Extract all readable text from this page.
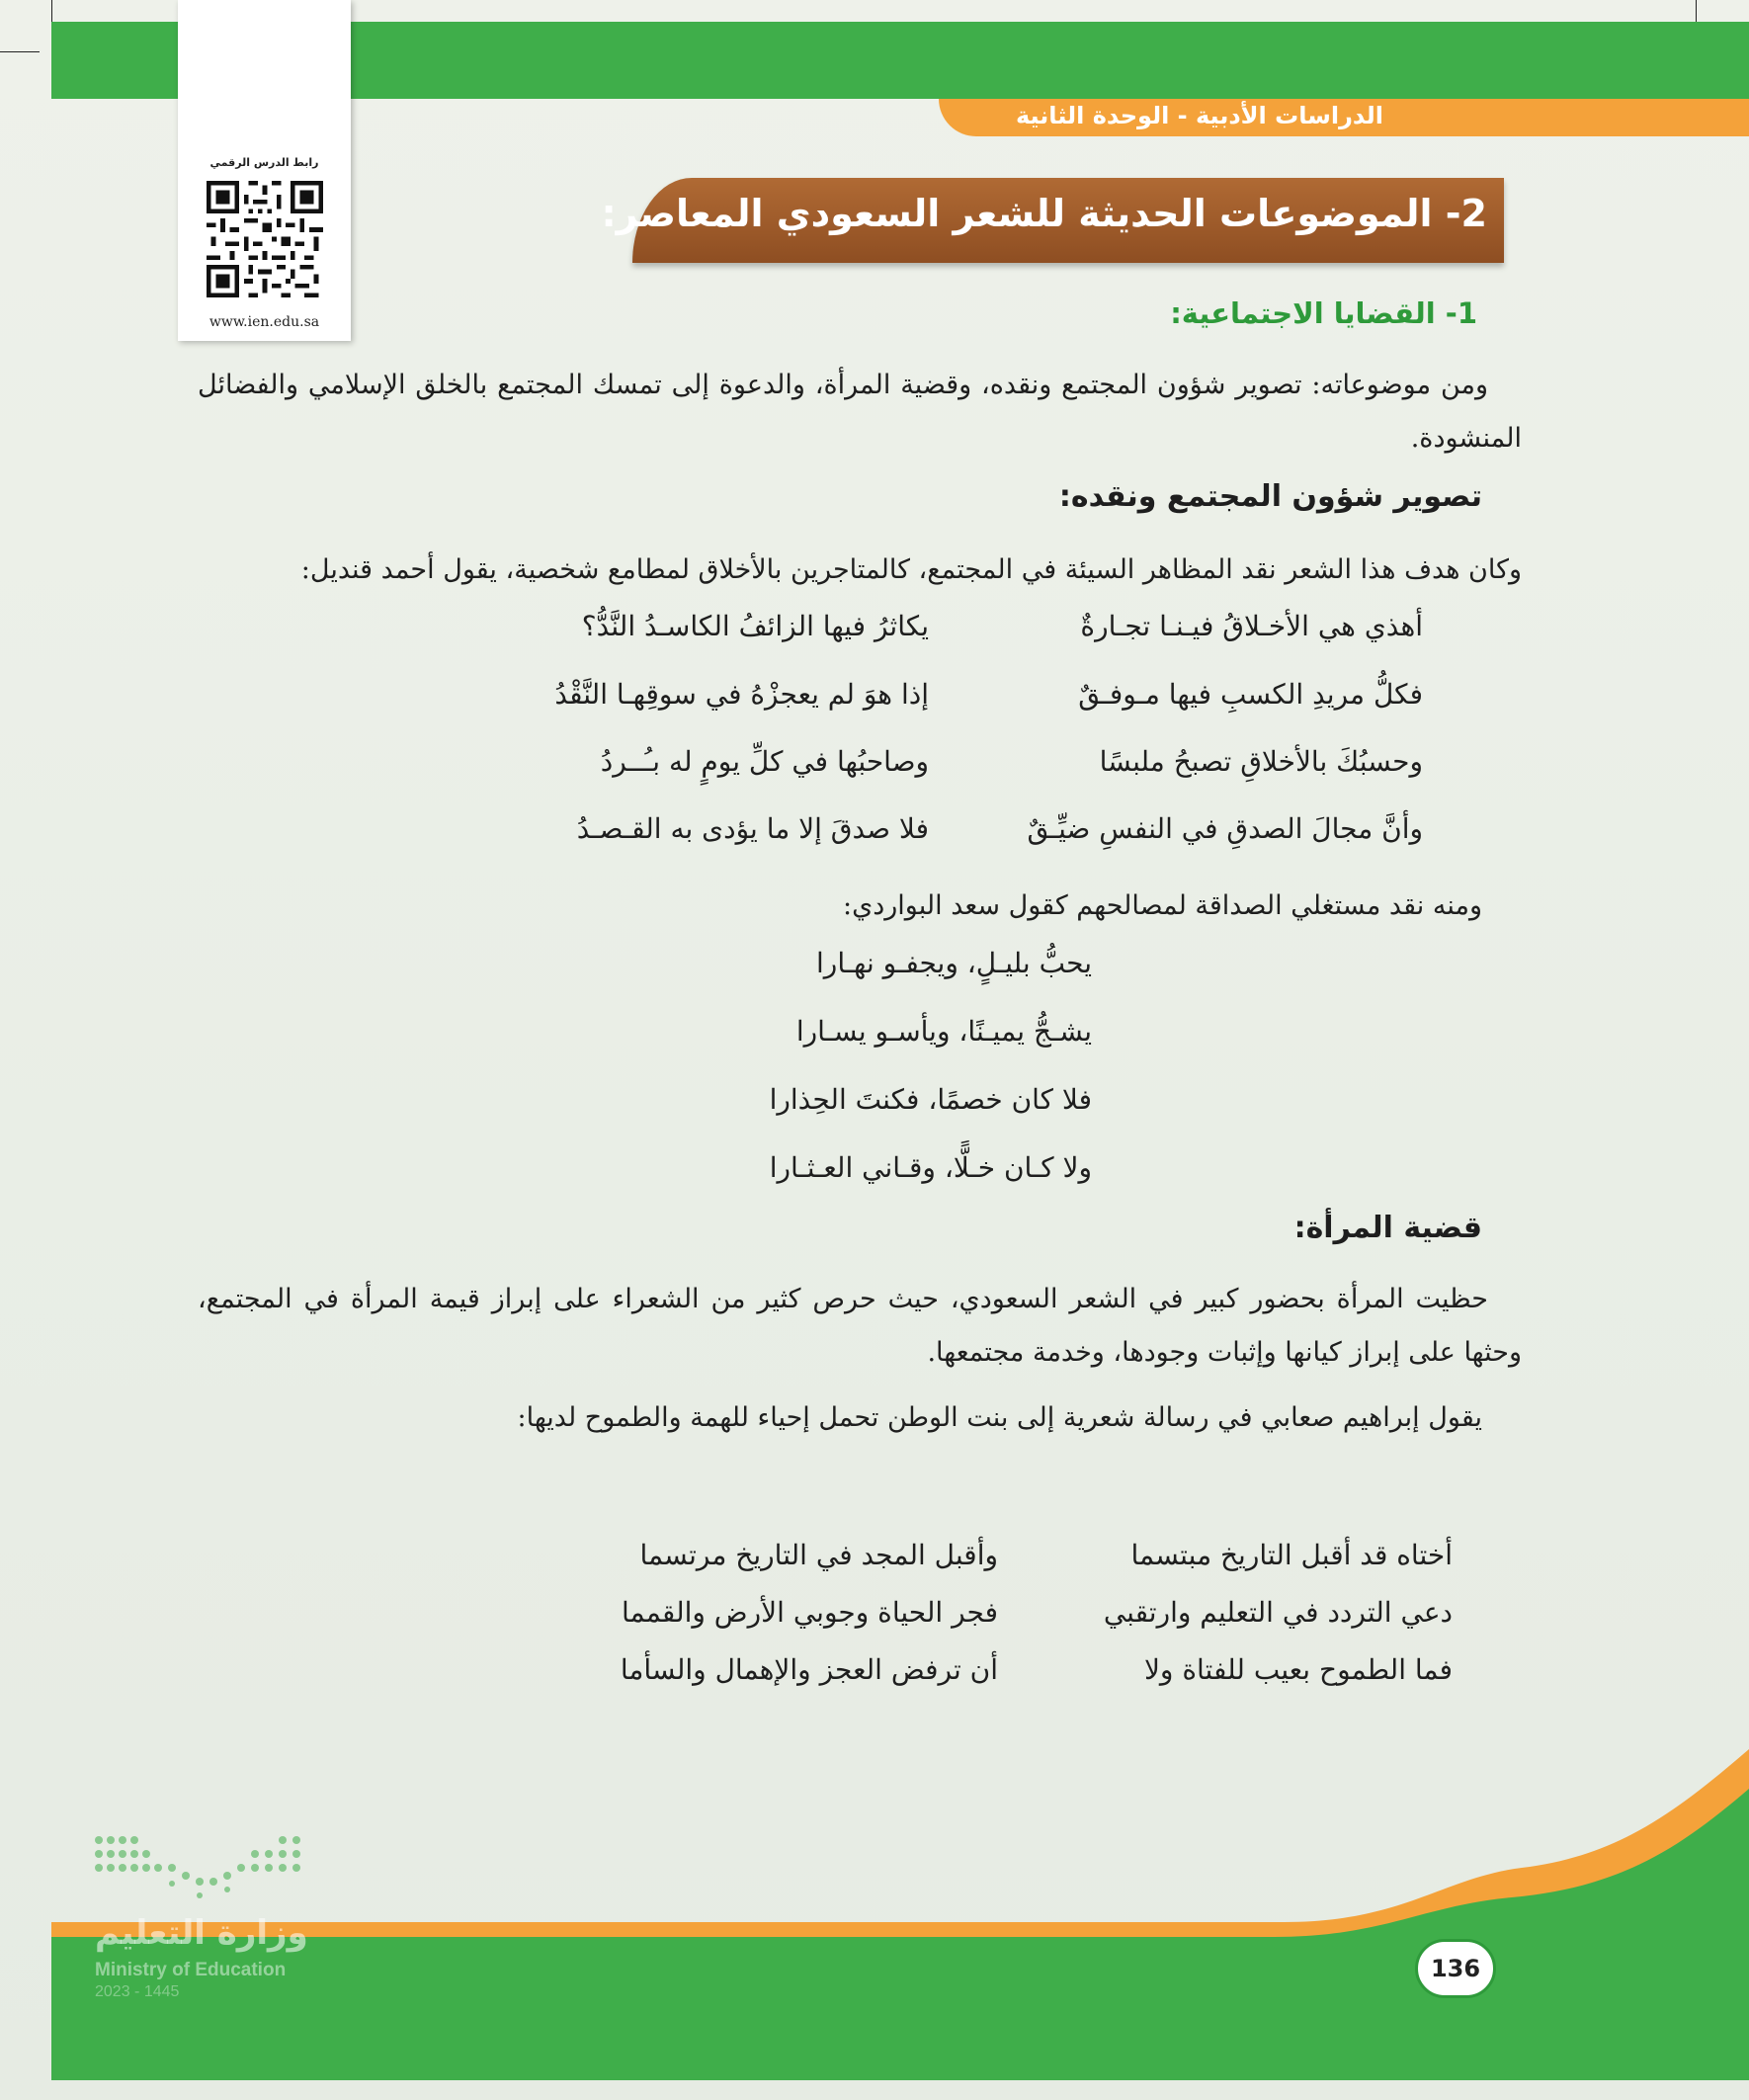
الدراسات الأدبية - الوحدة الثانية
رابط الدرس الرقمي
www.ien.edu.sa
2- الموضوعات الحديثة للشعر السعودي المعاصر:
1- القضايا الاجتماعية:
ومن موضوعاته: تصوير شؤون المجتمع ونقده، وقضية المرأة، والدعوة إلى تمسك المجتمع بالخلق الإسلامي والفضائل المنشودة.
تصوير شؤون المجتمع ونقده:
وكان هدف هذا الشعر نقد المظاهر السيئة في المجتمع، كالمتاجرين بالأخلاق لمطامع شخصية، يقول أحمد قنديل:
أهذي هي الأخـلاقُ فيـنـا تجـارةٌ
يكاثرُ فيها الزائفُ الكاسـدُ النَّدُّ؟
فكلُّ مريدِ الكسبِ فيها مـوفـقٌ
إذا هوَ لم يعجزْهُ في سوقِهـا النَّقْدُ
وحسبُكَ بالأخلاقِ تصبحُ ملبسًا
وصاحبُها في كلِّ يومٍ له بـُــردُ
وأنَّ مجالَ الصدقِ في النفسِ ضيِّـقٌ
فلا صدقَ إلا ما يؤدى به القـصـدُ
ومنه نقد مستغلي الصداقة لمصالحهم كقول سعد البواردي:
يحبُّ بليـلٍ، ويجفـو نهـارا
يشـجُّ يميـنًا، ويأسـو يسـارا
فلا كان خصمًا، فكنتَ الحِذارا
ولا كـان خـلًّا، وقـاني العـثـارا
قضية المرأة:
حظيت المرأة بحضور كبير في الشعر السعودي، حيث حرص كثير من الشعراء على إبراز قيمة المرأة في المجتمع، وحثها على إبراز كيانها وإثبات وجودها، وخدمة مجتمعها.
يقول إبراهيم صعابي في رسالة شعرية إلى بنت الوطن تحمل إحياء للهمة والطموح لديها:
أختاه قد أقبل التاريخ مبتسما
وأقبل المجد في التاريخ مرتسما
دعي التردد في التعليم وارتقبي
فجر الحياة وجوبي الأرض والقمما
فما الطموح بعيب للفتاة ولا
أن ترفض العجز والإهمال والسأما
وزارة التعليم
Ministry of Education
2023 - 1445
136
